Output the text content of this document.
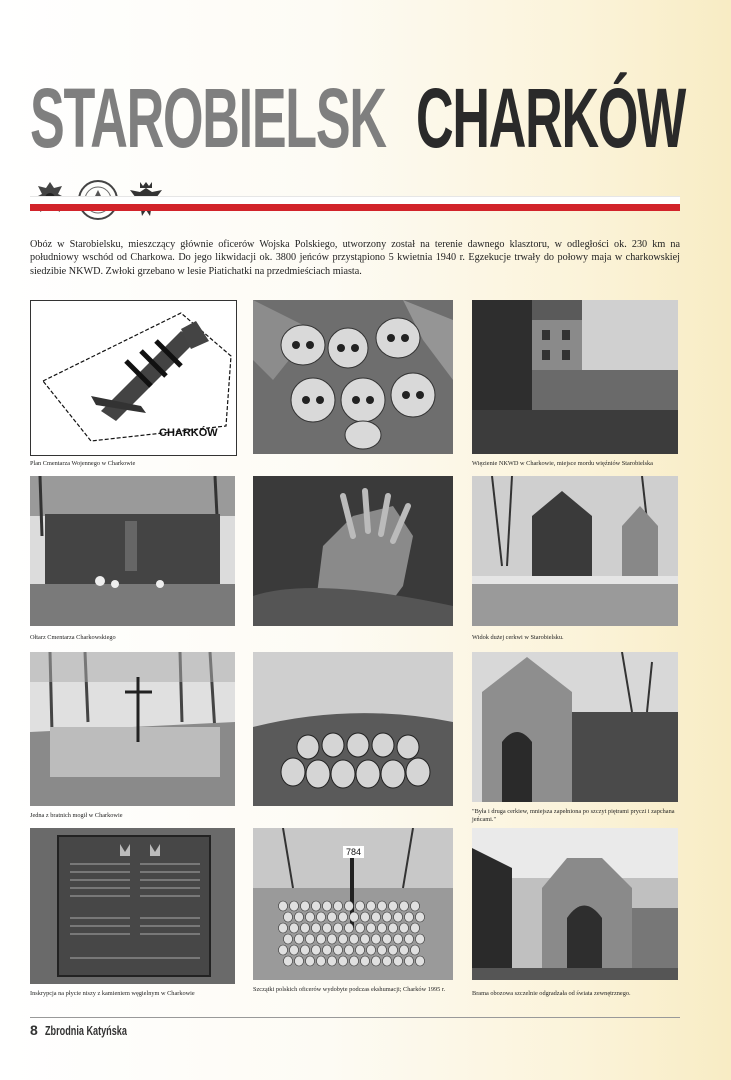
STAROBIELSK CHARKÓW
Obóz w Starobielsku, mieszczący głównie oficerów Wojska Polskiego, utworzony został na terenie dawnego klasztoru, w odległości ok. 230 km na południowy wschód od Charkowa. Do jego likwidacji ok. 3800 jeńców przystąpiono 5 kwietnia 1940 r. Egzekucje trwały do połowy maja w charkowskiej siedzibie NKWD. Zwłoki grzebano w lesie Piatichatki na przedmieściach miasta.
CHARKÓW
Plan Cmentarza Wojennego w Charkowie	Więzienie NKWD w Charkowie, miejsce mordu więźniów Starobielska
Ołtarz Cmentarza Charkowskiego	Widok dużej cerkwi w Starobielsku.
Jedna z bratnich mogił w Charkowie
"Była i druga cerkiew, mniejsza zapełniona po szczyt piętrami pryczi i zapchana jeńcami."
Inskrypcja na płycie niszy z kamieniem węgielnym w Charkowie
784
Szczątki polskich oficerów wydobyte podczas ekshumacji; Charków 1995 r.
Brama obozowa szczelnie odgradzała od świata zewnętrznego.
8 Zbrodnia Katyńska
